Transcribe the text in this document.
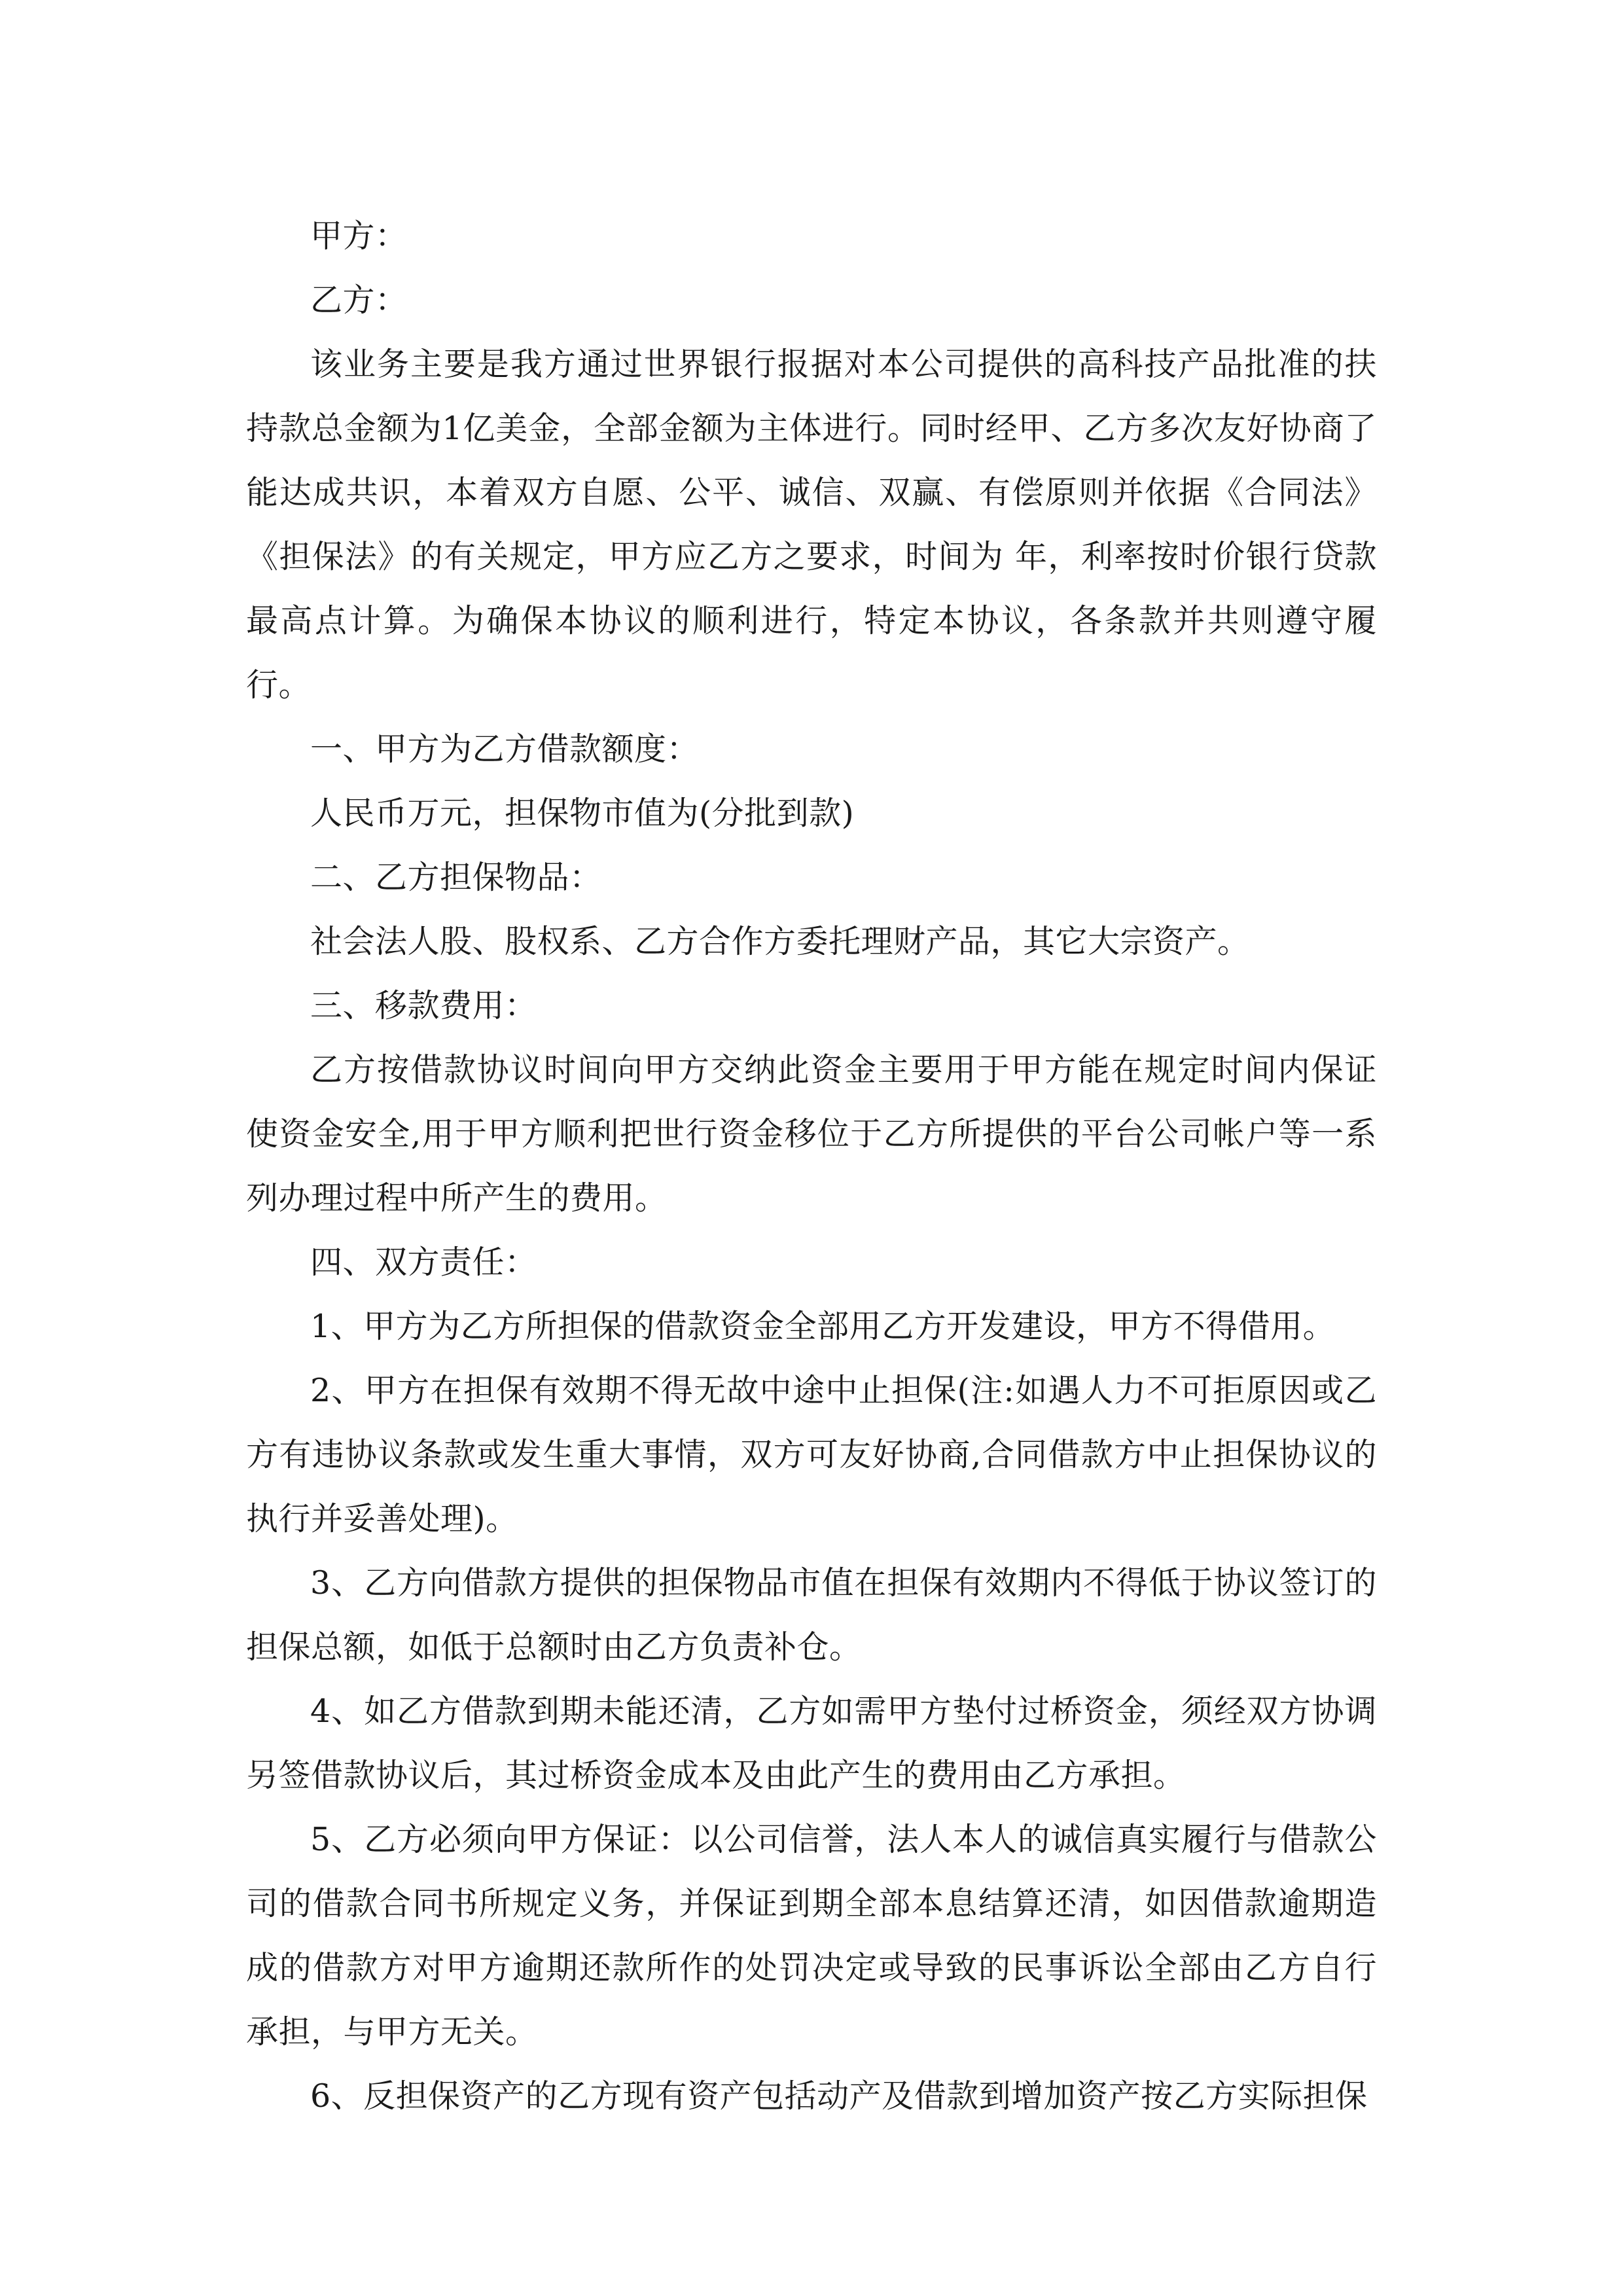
甲方：

乙方：

该业务主要是我方通过世界银行报据对本公司提供的高科技产品批准的扶持款总金额为1亿美金，全部金额为主体进行。同时经甲、乙方多次友好协商了能达成共识，本着双方自愿、公平、诚信、双赢、有偿原则并依据《合同法》《担保法》的有关规定，甲方应乙方之要求，时间为 年，利率按时价银行贷款最高点计算。为确保本协议的顺利进行，特定本协议，各条款并共则遵守履行。

一、甲方为乙方借款额度：

人民币万元，担保物市值为(分批到款)

二、乙方担保物品：

社会法人股、股权系、乙方合作方委托理财产品，其它大宗资产。

三、移款费用：

乙方按借款协议时间向甲方交纳此资金主要用于甲方能在规定时间内保证使资金安全,用于甲方顺利把世行资金移位于乙方所提供的平台公司帐户等一系列办理过程中所产生的费用。

四、双方责任：

1、甲方为乙方所担保的借款资金全部用乙方开发建设，甲方不得借用。

2、甲方在担保有效期不得无故中途中止担保(注:如遇人力不可拒原因或乙方有违协议条款或发生重大事情，双方可友好协商,合同借款方中止担保协议的执行并妥善处理)。

3、乙方向借款方提供的担保物品市值在担保有效期内不得低于协议签订的担保总额，如低于总额时由乙方负责补仓。

4、如乙方借款到期未能还清，乙方如需甲方垫付过桥资金，须经双方协调另签借款协议后，其过桥资金成本及由此产生的费用由乙方承担。

5、乙方必须向甲方保证：以公司信誉，法人本人的诚信真实履行与借款公司的借款合同书所规定义务，并保证到期全部本息结算还清，如因借款逾期造成的借款方对甲方逾期还款所作的处罚决定或导致的民事诉讼全部由乙方自行承担，与甲方无关。

6、反担保资产的乙方现有资产包括动产及借款到增加资产按乙方实际担保
